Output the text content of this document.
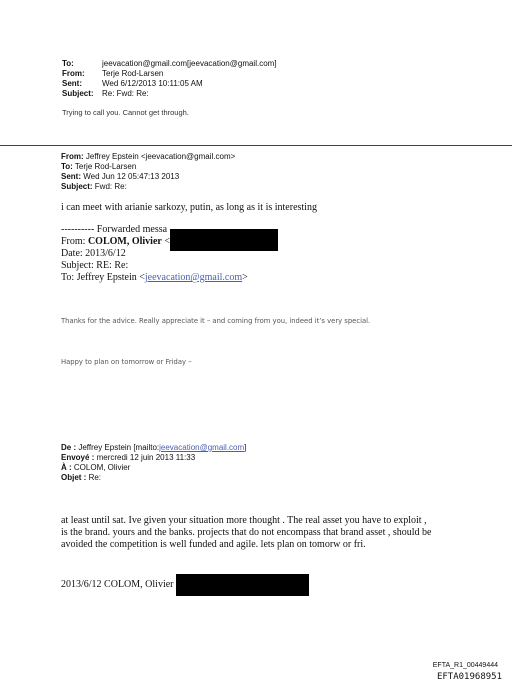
To:	jeevacation@gmail.com[jeevacation@gmail.com]
From: Terje Rod-Larsen
Sent:	Wed 6/12/2013 10:11:05 AM
Subject: Re: Fwd: Re:
Trying to call you. Cannot get through.
From: Jeffrey Epstein <jeevacation@gmail.com>
To: Terje Rod-Larsen
Sent: Wed Jun 12 05:47:13 2013
Subject: Fwd: Re:
i can meet with arianie sarkozy, putin, as long as it is interesting
---------- Forwarded messa
From: COLOM, Olivier <
Date: 2013/6/12
Subject: RE: Re:
To: Jeffrey Epstein <jeevacation@gmail.com>
Thanks for the advice. Really appreciate it – and coming from you, indeed it’s very special.
Happy to plan on tomorrow or Friday –
De : Jeffrey Epstein [mailto:jeevacation@gmail.com]
Envoyé : mercredi 12 juin 2013 11:33
À : COLOM, Olivier
Objet : Re:
at least until sat. Ive given your situation more thought . The real asset you have to exploit ,
is the brand. yours and the banks. projects that do not encompass that brand asset , should be
avoided the competition is well funded and agile. lets plan on tomorw or fri.
2013/6/12 COLOM, Olivier
EFTA_R1_00449444
EFTA01968951
